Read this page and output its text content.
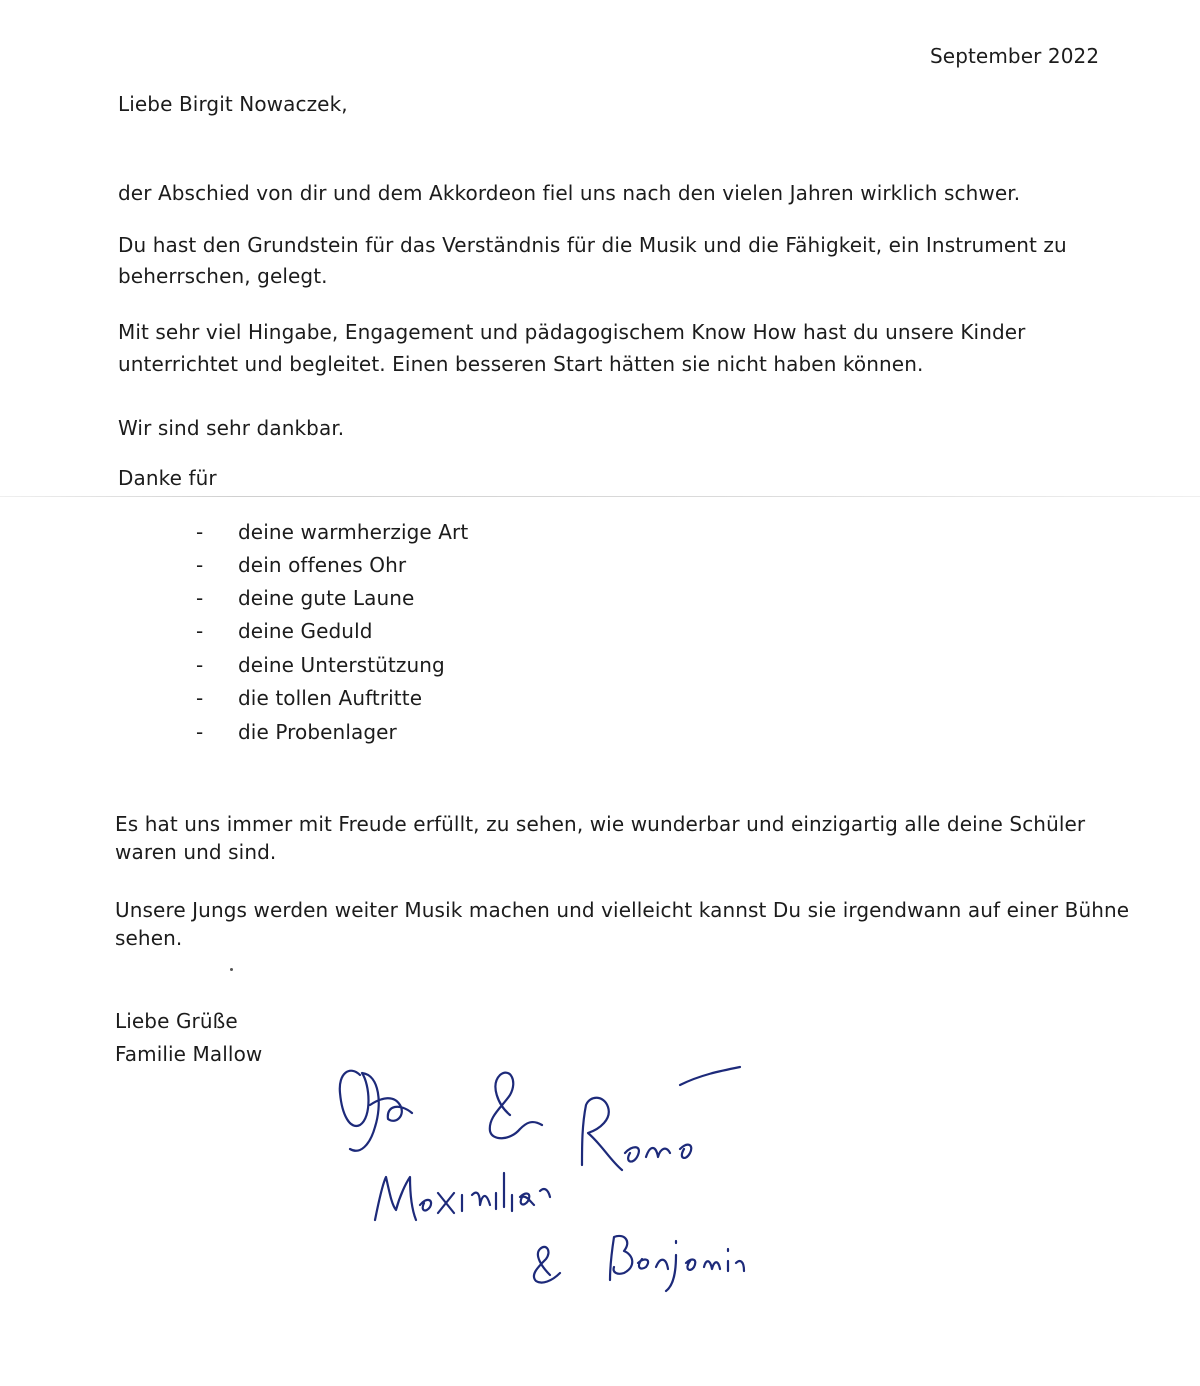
September 2022
Liebe Birgit Nowaczek,
der Abschied von dir und dem Akkordeon fiel uns nach den vielen Jahren wirklich schwer.
Du hast den Grundstein für das Verständnis für die Musik und die Fähigkeit, ein Instrument zu
beherrschen, gelegt.
Mit sehr viel Hingabe, Engagement und pädagogischem Know How hast du unsere Kinder
unterrichtet und begleitet. Einen besseren Start hätten sie nicht haben können.
Wir sind sehr dankbar.
Danke für
- deine warmherzige Art
- dein offenes Ohr
- deine gute Laune
- deine Geduld
- deine Unterstützung
- die tollen Auftritte
- die Probenlager
Es hat uns immer mit Freude erfüllt, zu sehen, wie wunderbar und einzigartig alle deine Schüler
waren und sind.
Unsere Jungs werden weiter Musik machen und vielleicht kannst Du sie irgendwann auf einer Bühne
sehen.
Liebe Grüße
Familie Mallow
